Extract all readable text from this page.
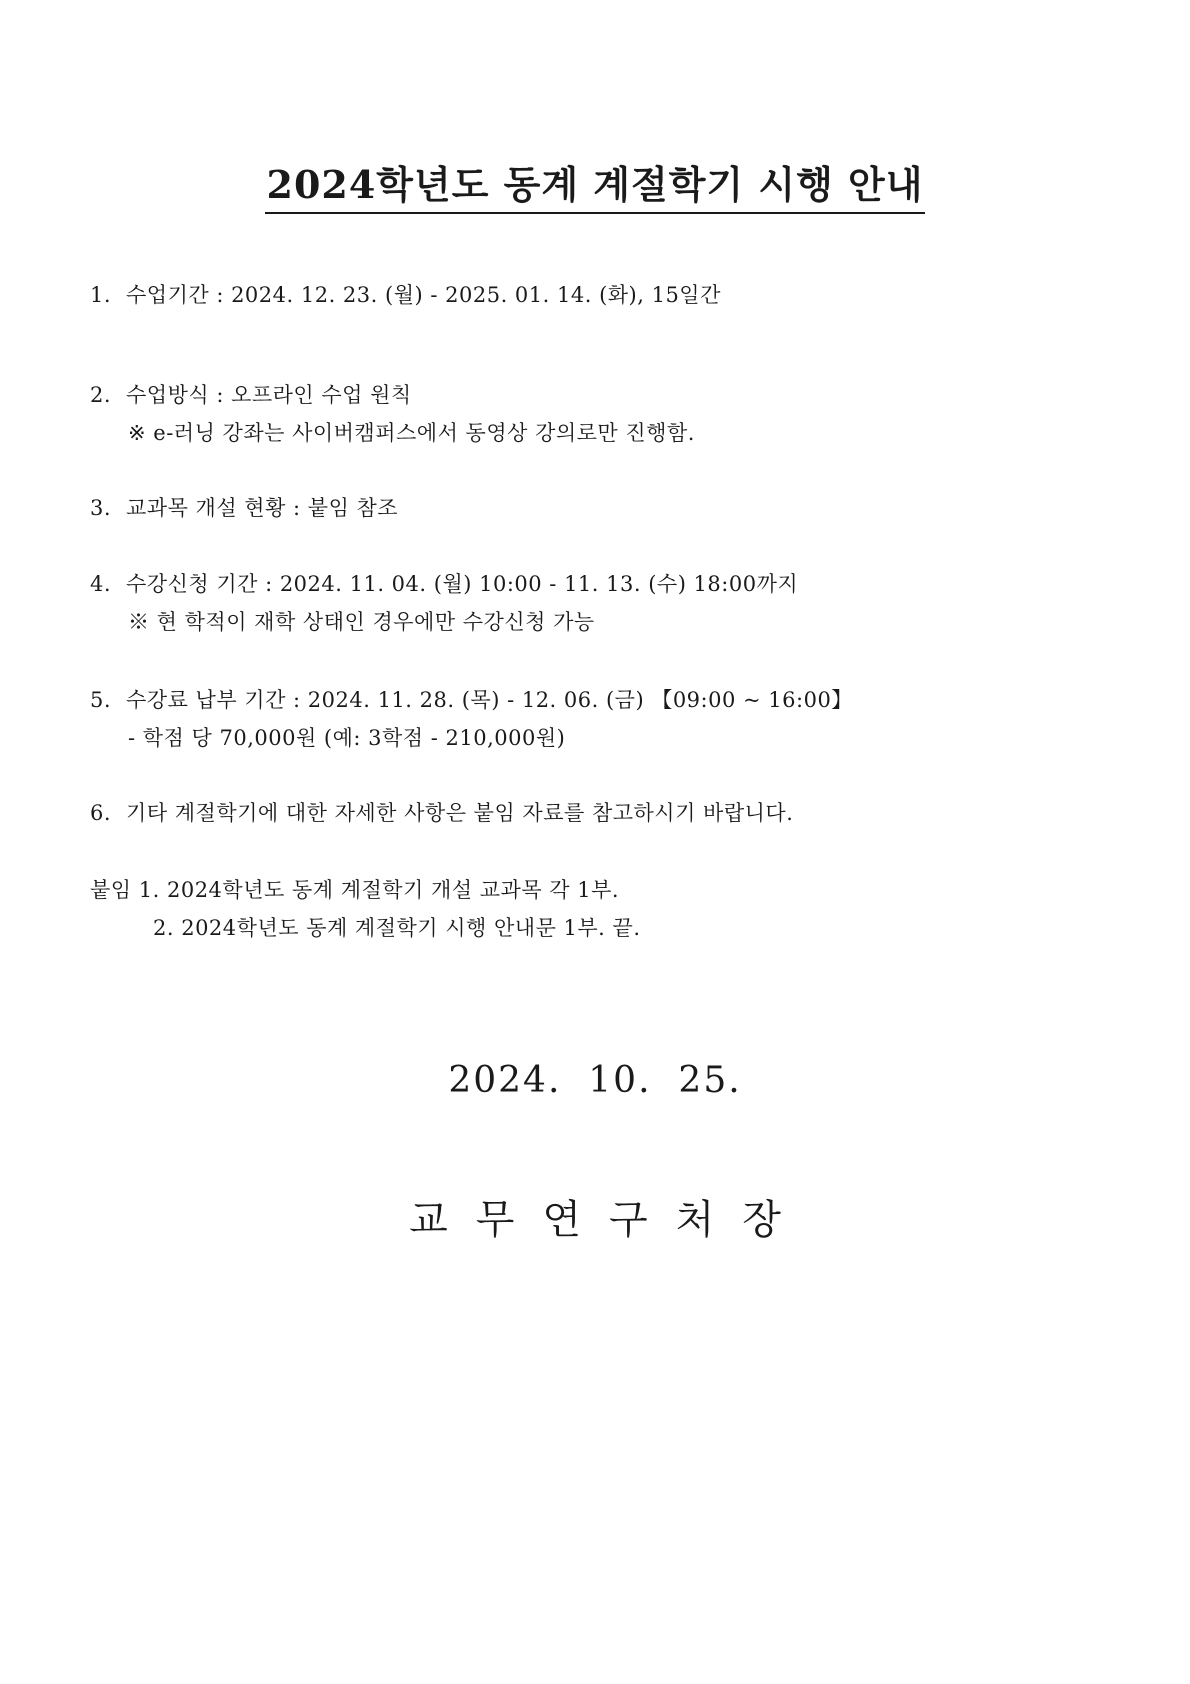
2024학년도 동계 계절학기 시행 안내
1. 수업기간 : 2024. 12. 23. (월) - 2025. 01. 14. (화), 15일간
2. 수업방식 : 오프라인 수업 원칙
※ e-러닝 강좌는 사이버캠퍼스에서 동영상 강의로만 진행함.
3. 교과목 개설 현황 : 붙임 참조
4. 수강신청 기간 : 2024. 11. 04. (월) 10:00 - 11. 13. (수) 18:00까지
※ 현 학적이 재학 상태인 경우에만 수강신청 가능
5. 수강료 납부 기간 : 2024. 11. 28. (목) - 12. 06. (금) 【09:00 ~ 16:00】
- 학점 당 70,000원 (예: 3학점 - 210,000원)
6. 기타 계절학기에 대한 자세한 사항은 붙임 자료를 참고하시기 바랍니다.
붙임 1. 2024학년도 동계 계절학기 개설 교과목 각 1부.
2. 2024학년도 동계 계절학기 시행 안내문 1부. 끝.
2024.  10.  25.
교무연구처장
